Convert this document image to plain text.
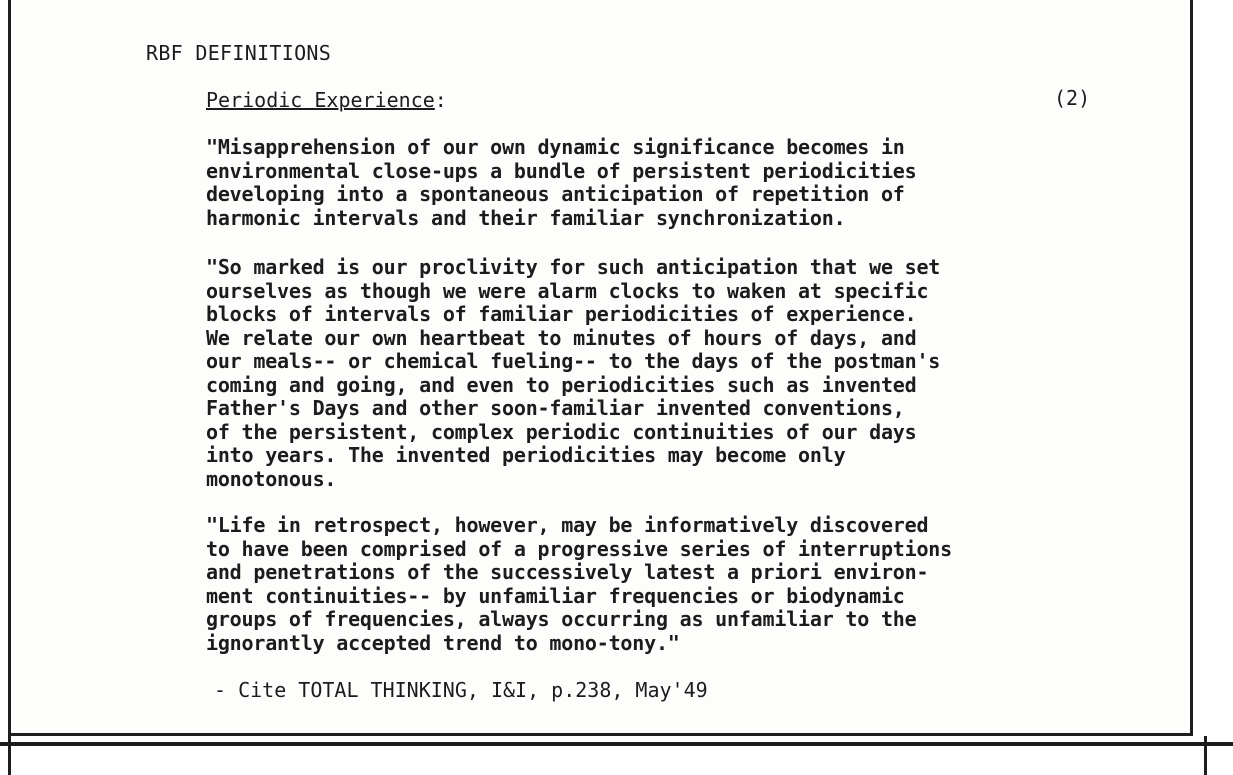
RBF DEFINITIONS
Periodic Experience:	(2)
"Misapprehension of our own dynamic significance becomes in
environmental close-ups a bundle of persistent periodicities
developing into a spontaneous anticipation of repetition of
harmonic intervals and their familiar synchronization.
"So marked is our proclivity for such anticipation that we set
ourselves as though we were alarm clocks to waken at specific
blocks of intervals of familiar periodicities of experience.
We relate our own heartbeat to minutes of hours of days, and
our meals-- or chemical fueling-- to the days of the postman's
coming and going, and even to periodicities such as invented
Father's Days and other soon-familiar invented conventions,
of the persistent, complex periodic continuities of our days
into years. The invented periodicities may become only
monotonous.
"Life in retrospect, however, may be informatively discovered
to have been comprised of a progressive series of interruptions
and penetrations of the successively latest a priori environ-
ment continuities-- by unfamiliar frequencies or biodynamic
groups of frequencies, always occurring as unfamiliar to the
ignorantly accepted trend to mono-tony."
- Cite TOTAL THINKING, I&I, p.238, May'49
